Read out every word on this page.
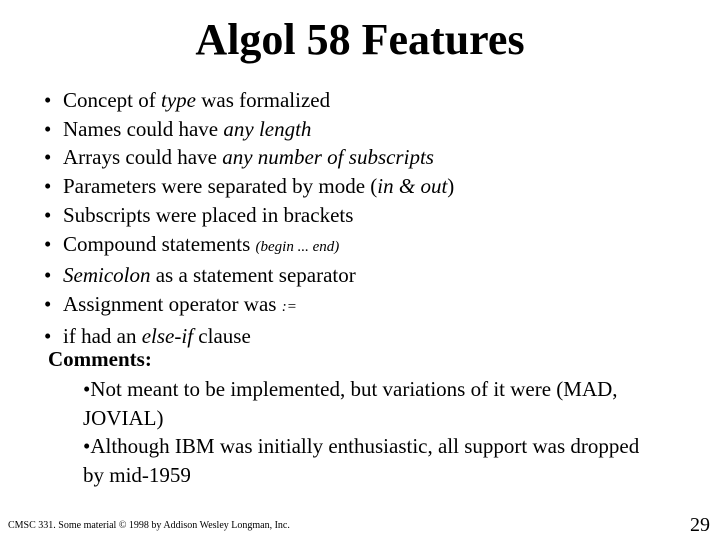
Algol 58 Features
• Concept of type was formalized
• Names could have any length
• Arrays could have any number of subscripts
• Parameters were separated by mode (in & out)
• Subscripts were placed in brackets
• Compound statements (begin ... end)
• Semicolon as a statement separator
• Assignment operator was :=
• if had an else-if clause
Comments:
•Not meant to be implemented, but variations of it were (MAD, JOVIAL)
•Although IBM was initially enthusiastic, all support was dropped by mid-1959
CMSC 331. Some material © 1998 by Addison Wesley Longman, Inc.	29
